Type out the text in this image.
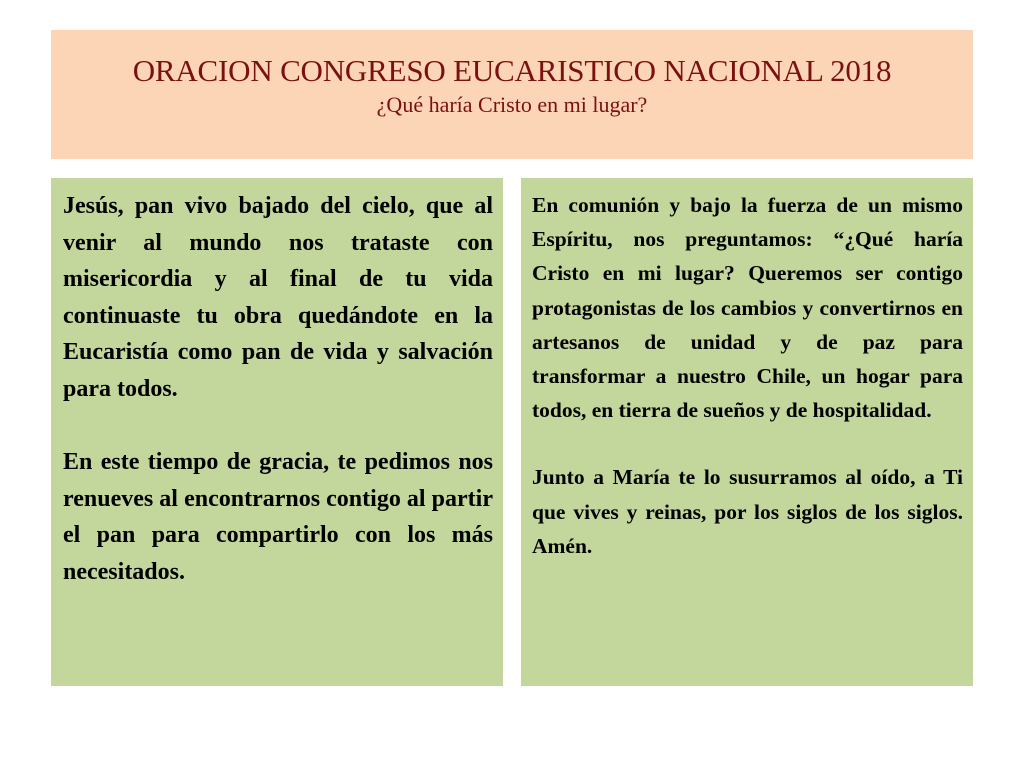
ORACION CONGRESO EUCARISTICO NACIONAL 2018
¿Qué haría Cristo en mi lugar?

Jesús, pan vivo bajado del cielo, que al venir al mundo nos trataste con misericordia y al final de tu vida continuaste tu obra quedándote en la Eucaristía como pan de vida y salvación para todos.

En este tiempo de gracia, te pedimos nos renueves al encontrarnos contigo al partir el pan para compartirlo con los más necesitados.

En comunión y bajo la fuerza de un mismo Espíritu, nos preguntamos: “¿Qué haría Cristo en mi lugar? Queremos ser contigo protagonistas de los cambios y convertirnos en artesanos de unidad y de paz para transformar a nuestro Chile, un hogar para todos, en tierra de sueños y de hospitalidad.

Junto a María te lo susurramos al oído, a Ti que vives y reinas, por los siglos de los siglos. Amén.
